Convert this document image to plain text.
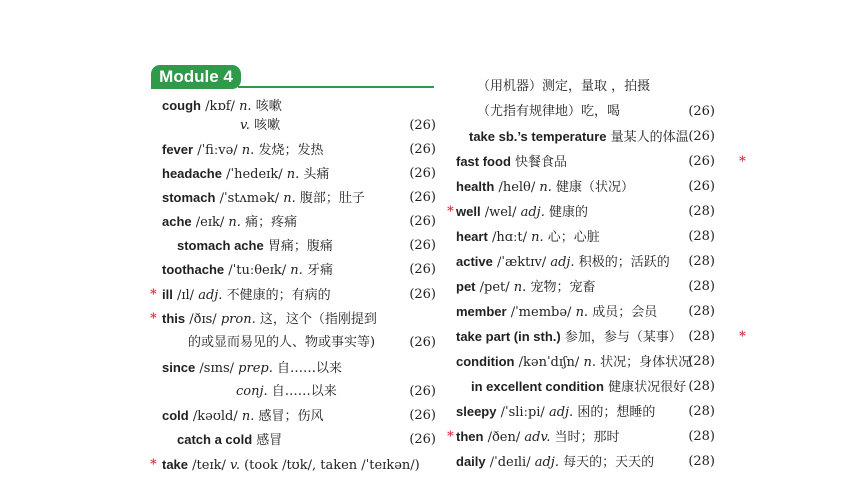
Module 4
cough /kɒf/ n. 咳嗽
v. 咳嗽	(26)
fever /ˈfiːvə/ n. 发烧；发热	(26)
headache /ˈhedeɪk/ n. 头痛	(26)
stomach /ˈstʌmək/ n. 腹部；肚子	(26)
ache /eɪk/ n. 痛；疼痛	(26)
stomach ache 胃痛；腹痛	(26)
toothache /ˈtuːθeɪk/ n. 牙痛	(26)
* ill /ɪl/ adj. 不健康的；有病的	(26)
* this /ðɪs/ pron. 这，这个（指刚提到
的或显而易见的人、物或事实等)	(26)
since /sɪns/ prep. 自……以来
conj. 自……以来	(26)
cold /kəʊld/ n. 感冒；伤风	(26)
catch a cold 感冒	(26)
* take /teɪk/ v. (took /tʊk/, taken /ˈteɪkən/)
（用机器）测定，量取 ，拍摄
（尤指有规律地）吃，喝	(26)
take sb.’s temperature 量某人的体温 (26)
fast food 快餐食品	(26) *
health /helθ/ n. 健康（状况）	(26)
* well /wel/ adj. 健康的	(28)
heart /hɑːt/ n. 心；心脏	(28)
active /ˈæktɪv/ adj. 积极的；活跃的	(28)
pet /pet/ n. 宠物；宠畜	(28)
member /ˈmembə/ n. 成员；会员	(28)
take part (in sth.) 参加，参与（某事） (28) *
condition /kənˈdɪʃn/ n. 状况；身体状况
(28)
in excellent condition 健康状况很好 (28)
sleepy /ˈsliːpi/ adj. 困的；想睡的	(28)
* then /ðen/ adv. 当时；那时	(28)
daily /ˈdeɪli/ adj. 每天的；天天的	(28)
